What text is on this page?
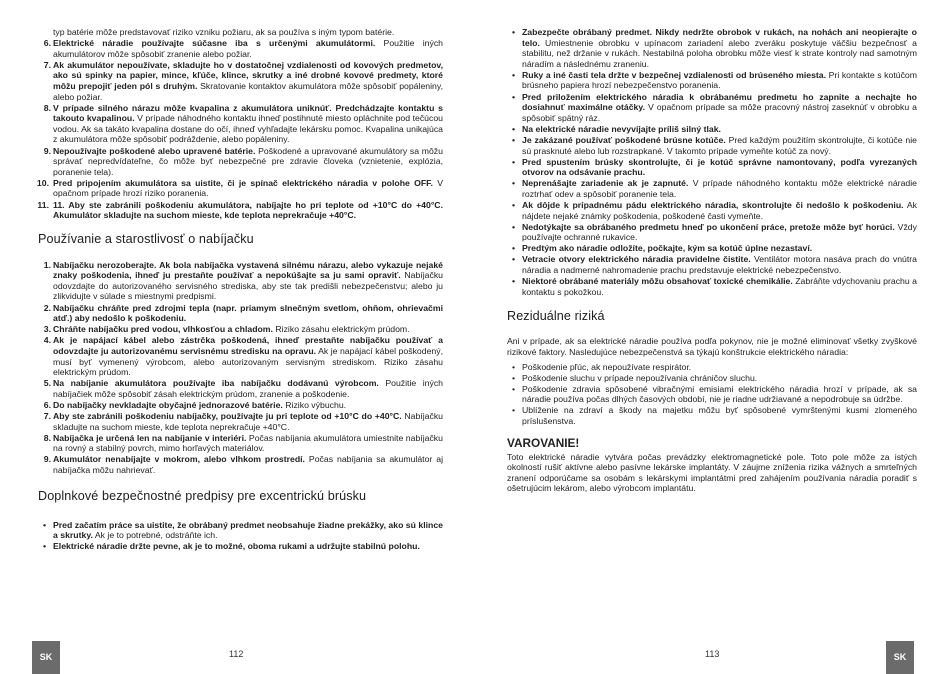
typ batérie môže predstavovať riziko vzniku požiaru, ak sa používa s iným typom batérie.
6. Elektrické náradie používajte súčasne iba s určenými akumulátormi. Použitie iných akumulátorov môže spôsobiť zranenie alebo požiar.
7. Ak akumulátor nepoužívate, skladujte ho v dostatočnej vzdialenosti od kovových predmetov, ako sú spinky na papier, mince, kľúče, klince, skrutky a iné drobné kovové predmety, ktoré môžu prepojiť jeden pól s druhým. Skratovanie kontaktov akumulátora môže spôsobiť popáleniny, alebo požiar.
8. V prípade silného nárazu môže kvapalina z akumulátora uniknúť. Predchádzajte kontaktu s takouto kvapalinou. V prípade náhodného kontaktu ihneď postihnuté miesto opláchnite pod tečúcou vodou. Ak sa takáto kvapalina dostane do očí, ihneď vyhľadajte lekársku pomoc. Kvapalina unikajúca z akumulátora môže spôsobiť podráždenie, alebo popáleniny.
9. Nepoužívajte poškodené alebo upravené batérie. Poškodené a upravované akumulátory sa môžu správať nepredvídateľne, čo môže byť nebezpečné pre zdravie človeka (vznietenie, explózia, poranenie tela).
10. Pred pripojením akumulátora sa uistite, či je spínač elektrického náradia v polohe OFF. V opačnom prípade hrozí riziko poranenia.
11. 11. Aby ste zabránili poškodeniu akumulátora, nabíjajte ho pri teplote od +10°C do +40°C. Akumulátor skladujte na suchom mieste, kde teplota neprekračuje +40°C.
Používanie a starostlivosť o nabíjačku
1. Nabíjačku nerozoberajte. Ak bola nabíjačka vystavená silnému nárazu, alebo vykazuje nejaké znaky poškodenia, ihneď ju prestaňte používať a nepokúšajte sa ju sami opraviť. Nabíjačku odovzdajte do autorizovaného servisného strediska, aby ste tak predišli nebezpečenstvu; alebo ju zlikvidujte v súlade s miestnymi predpismi.
2. Nabíjačku chráňte pred zdrojmi tepla (napr. priamym slnečným svetlom, ohňom, ohrievačmi atď.) aby nedošlo k poškodeniu.
3. Chráňte nabíjačku pred vodou, vlhkosťou a chladom. Riziko zásahu elektrickým prúdom.
4. Ak je napájací kábel alebo zástrčka poškodená, ihneď prestaňte nabíjačku používať a odovzdajte ju autorizovanému servisnému stredisku na opravu. Ak je napájací kábel poškodený, musí byť vymenený výrobcom, alebo autorizovaným servisným strediskom. Riziko zásahu elektrickým prúdom.
5. Na nabíjanie akumulátora používajte iba nabíjačku dodávanú výrobcom. Použitie iných nabíjačiek môže spôsobiť zásah elektrickým prúdom, zranenie a poškodenie.
6. Do nabíjačky nevkladajte obyčajné jednorazové batérie. Riziko výbuchu.
7. Aby ste zabránili poškodeniu nabíjačky, používajte ju pri teplote od +10°C do +40°C. Nabíjačku skladujte na suchom mieste, kde teplota neprekračuje +40°C.
8. Nabíjačka je určená len na nabíjanie v interiéri. Počas nabíjania akumulátora umiestnite nabíjačku na rovný a stabilný povrch, mimo horľavých materiálov.
9. Akumulátor nenabíjajte v mokrom, alebo vlhkom prostredí. Počas nabíjania sa akumulátor aj nabíjačka môžu nahrievať.
Doplnkové bezpečnostné predpisy pre excentrickú brúsku
• Pred začatím práce sa uistite, že obrábaný predmet neobsahuje žiadne prekážky, ako sú klince a skrutky. Ak je to potrebné, odstráňte ich.
• Elektrické náradie držte pevne, ak je to možné, oboma rukami a udržujte stabilnú polohu.
SK	112
• Zabezpečte obrábaný predmet. Nikdy nedržte obrobok v rukách, na nohách ani neopierajte o telo. Umiestnenie obrobku v upínacom zariadení alebo zveráku poskytuje väčšiu bezpečnosť a stabilitu, než držanie v rukách. Nestabilná poloha obrobku môže viesť k strate kontroly nad samotným náradím a následnému zraneniu.
• Ruky a iné časti tela držte v bezpečnej vzdialenosti od brúseného miesta. Pri kontakte s kotúčom brúsneho papiera hrozí nebezpečenstvo poranenia.
• Pred priložením elektrického náradia k obrábanému predmetu ho zapnite a nechajte ho dosiahnuť maximálne otáčky. V opačnom prípade sa môže pracovný nástroj zaseknúť v obrobku a spôsobiť spätný ráz.
• Na elektrické náradie nevyvíjajte príliš silný tlak.
• Je zakázané používať poškodené brúsne kotúče. Pred každým použitím skontrolujte, či kotúče nie sú prasknuté alebo lub rozstrapkané. V takomto prípade vymeňte kotúč za nový.
• Pred spustením brúsky skontrolujte, či je kotúč správne namontovaný, podľa vyrezaných otvorov na odsávanie prachu.
• Neprenášajte zariadenie ak je zapnuté. V prípade náhodného kontaktu môže elektrické náradie roztrhať odev a spôsobiť poranenie tela.
• Ak dôjde k prípadnému pádu elektrického náradia, skontrolujte či nedošlo k poškodeniu. Ak nájdete nejaké známky poškodenia, poškodené časti vymeňte.
• Nedotýkajte sa obrábaného predmetu hneď po ukončení práce, pretože môže byť horúci. Vždy používajte ochranné rukavice.
• Predtým ako náradie odložíte, počkajte, kým sa kotúč úplne nezastaví.
• Vetracie otvory elektrického náradia pravidelne čistite. Ventilátor motora nasáva prach do vnútra náradia a nadmerné nahromadenie prachu predstavuje elektrické nebezpečenstvo.
• Niektoré obrábané materiály môžu obsahovať toxické chemikálie. Zabráňte vdychovaniu prachu a kontaktu s pokožkou.
Reziduálne riziká
Ani v prípade, ak sa elektrické náradie používa podľa pokynov, nie je možné eliminovať všetky zvyškové rizikové faktory. Nasledujúce nebezpečenstvá sa týkajú konštrukcie elektrického náradia:
• Poškodenie pľúc, ak nepoužívate respirátor.
• Poškodenie sluchu v prípade nepoužívania chráničov sluchu.
• Poškodenie zdravia spôsobené vibračnými emisiami elektrického náradia hrozí v prípade, ak sa náradie používa počas dlhých časových období, nie je riadne udržiavané a nepodrobuje sa údržbe.
• Ublíženie na zdraví a škody na majetku môžu byť spôsobené vymrštenými kusmi zlomeného príslušenstva.
VAROVANIE!
Toto elektrické náradie vytvára počas prevádzky elektromagnetické pole. Toto pole môže za istých okolností rušiť aktívne alebo pasívne lekárske implantáty. V záujme zníženia rizika vážnych a smrteľných zranení odporúčame sa osobám s lekárskymi implantátmi pred zahájením používania náradia poradiť s ošetrujúcim lekárom, alebo výrobcom implantátu.
SK
113
